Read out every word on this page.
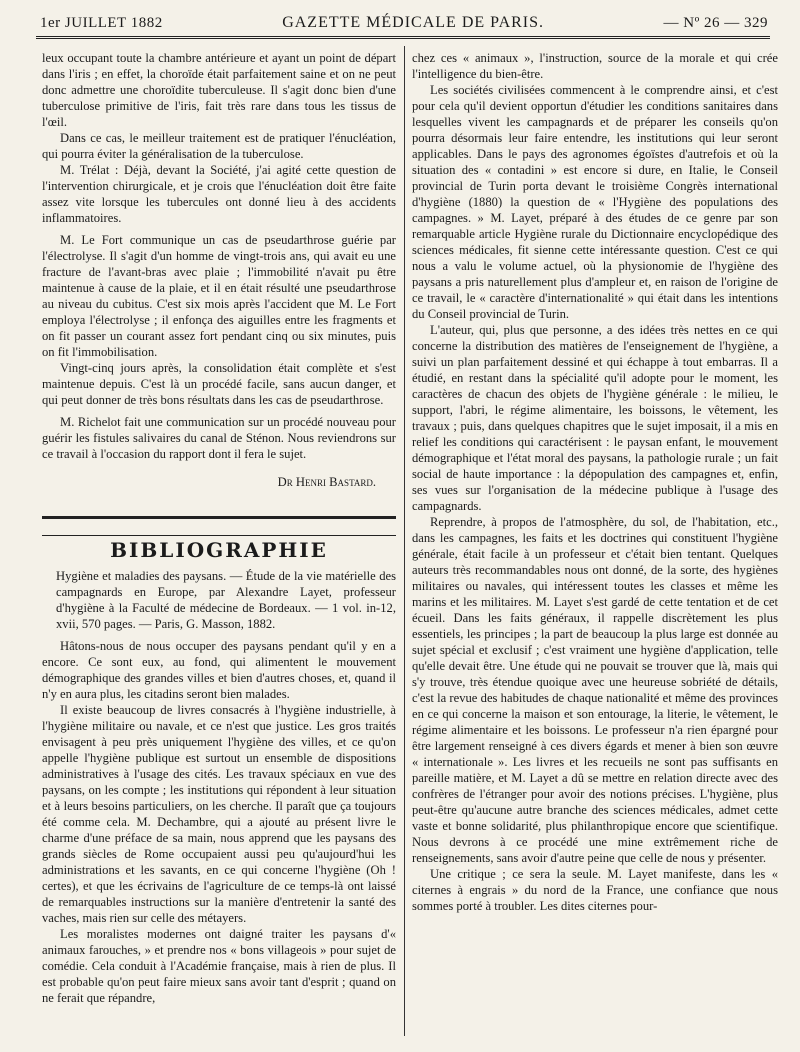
1er JUILLET 1882	GAZETTE MÉDICALE DE PARIS.	— Nº 26 — 329

leux occupant toute la chambre antérieure et ayant un point de départ dans l'iris ; en effet, la choroïde était parfaitement saine et on ne peut donc admettre une choroïdite tuberculeuse. Il s'agit donc bien d'une tuberculose primitive de l'iris, fait très rare dans tous les tissus de l'œil.

Dans ce cas, le meilleur traitement est de pratiquer l'énucléation, qui pourra éviter la généralisation de la tuberculose.

M. Trélat : Déjà, devant la Société, j'ai agité cette question de l'intervention chirurgicale, et je crois que l'énucléation doit être faite assez vite lorsque les tubercules ont donné lieu à des accidents inflammatoires.

M. Le Fort communique un cas de pseudarthrose guérie par l'électrolyse. Il s'agit d'un homme de vingt-trois ans, qui avait eu une fracture de l'avant-bras avec plaie ; l'immobilité n'avait pu être maintenue à cause de la plaie, et il en était résulté une pseudarthrose au niveau du cubitus. C'est six mois après l'accident que M. Le Fort employa l'électrolyse ; il enfonça des aiguilles entre les fragments et on fit passer un courant assez fort pendant cinq ou six minutes, puis on fit l'immobilisation.

Vingt-cinq jours après, la consolidation était complète et s'est maintenue depuis. C'est là un procédé facile, sans aucun danger, et qui peut donner de très bons résultats dans les cas de pseudarthrose.

M. Richelot fait une communication sur un procédé nouveau pour guérir les fistules salivaires du canal de Sténon. Nous reviendrons sur ce travail à l'occasion du rapport dont il fera le sujet.

Dr Henri Bastard.
BIBLIOGRAPHIE

Hygiène et maladies des paysans. — Étude de la vie matérielle des campagnards en Europe, par Alexandre Layet, professeur d'hygiène à la Faculté de médecine de Bordeaux. — 1 vol. in-12, xvii, 570 pages. — Paris, G. Masson, 1882.

Hâtons-nous de nous occuper des paysans pendant qu'il y en a encore. Ce sont eux, au fond, qui alimentent le mouvement démographique des grandes villes et bien d'autres choses, et, quand il n'y en aura plus, les citadins seront bien malades.

Il existe beaucoup de livres consacrés à l'hygiène industrielle, à l'hygiène militaire ou navale, et ce n'est que justice. Les gros traités envisagent à peu près uniquement l'hygiène des villes, et ce qu'on appelle l'hygiène publique est surtout un ensemble de dispositions administratives à l'usage des cités. Les travaux spéciaux en vue des paysans, on les compte ; les institutions qui répondent à leur situation et à leurs besoins particuliers, on les cherche. Il paraît que ça toujours été comme cela. M. Dechambre, qui a ajouté au présent livre le charme d'une préface de sa main, nous apprend que les paysans des grands siècles de Rome occupaient aussi peu qu'aujourd'hui les administrations et les savants, en ce qui concerne l'hygiène (Oh ! certes), et que les écrivains de l'agriculture de ce temps-là ont laissé de remarquables instructions sur la manière d'entretenir la santé des vaches, mais rien sur celle des métayers.

Les moralistes modernes ont daigné traiter les paysans d'« animaux farouches, » et prendre nos « bons villageois » pour sujet de comédie. Cela conduit à l'Académie française, mais à rien de plus. Il est probable qu'on peut faire mieux sans avoir tant d'esprit ; quand on ne ferait que répandre,

chez ces « animaux », l'instruction, source de la morale et qui crée l'intelligence du bien-être.

Les sociétés civilisées commencent à le comprendre ainsi, et c'est pour cela qu'il devient opportun d'étudier les conditions sanitaires dans lesquelles vivent les campagnards et de préparer les conseils qu'on pourra désormais leur faire entendre, les institutions qui leur seront applicables. Dans le pays des agronomes égoïstes d'autrefois et où la situation des « contadini » est encore si dure, en Italie, le Conseil provincial de Turin porta devant le troisième Congrès international d'hygiène (1880) la question de « l'Hygiène des populations des campagnes. » M. Layet, préparé à des études de ce genre par son remarquable article Hygiène rurale du Dictionnaire encyclopédique des sciences médicales, fit sienne cette intéressante question. C'est ce qui nous a valu le volume actuel, où la physionomie de l'hygiène des paysans a pris naturellement plus d'ampleur et, en raison de l'origine de ce travail, le « caractère d'internationalité » qui était dans les intentions du Conseil provincial de Turin.

L'auteur, qui, plus que personne, a des idées très nettes en ce qui concerne la distribution des matières de l'enseignement de l'hygiène, a suivi un plan parfaitement dessiné et qui échappe à tout embarras. Il a étudié, en restant dans la spécialité qu'il adopte pour le moment, les caractères de chacun des objets de l'hygiène générale : le milieu, le support, l'abri, le régime alimentaire, les boissons, le vêtement, les travaux ; puis, dans quelques chapitres que le sujet imposait, il a mis en relief les conditions qui caractérisent : le paysan enfant, le mouvement démographique et l'état moral des paysans, la pathologie rurale ; un fait social de haute importance : la dépopulation des campagnes et, enfin, ses vues sur l'organisation de la médecine publique à l'usage des campagnards.

Reprendre, à propos de l'atmosphère, du sol, de l'habitation, etc., dans les campagnes, les faits et les doctrines qui constituent l'hygiène générale, était facile à un professeur et c'était bien tentant. Quelques auteurs très recommandables nous ont donné, de la sorte, des hygiènes militaires ou navales, qui intéressent toutes les classes et même les marins et les militaires. M. Layet s'est gardé de cette tentation et de cet écueil. Dans les faits généraux, il rappelle discrètement les plus essentiels, les principes ; la part de beaucoup la plus large est donnée au sujet spécial et exclusif ; c'est vraiment une hygiène d'application, telle qu'elle devait être. Une étude qui ne pouvait se trouver que là, mais qui s'y trouve, très étendue quoique avec une heureuse sobriété de détails, c'est la revue des habitudes de chaque nationalité et même des provinces en ce qui concerne la maison et son entourage, la literie, le vêtement, le régime alimentaire et les boissons. Le professeur n'a rien épargné pour être largement renseigné à ces divers égards et mener à bien son œuvre « internationale ». Les livres et les recueils ne sont pas suffisants en pareille matière, et M. Layet a dû se mettre en relation directe avec des confrères de l'étranger pour avoir des notions précises. L'hygiène, plus peut-être qu'aucune autre branche des sciences médicales, admet cette vaste et bonne solidarité, plus philanthropique encore que scientifique. Nous devrons à ce procédé une mine extrêmement riche de renseignements, sans avoir d'autre peine que celle de nous y présenter.

Une critique ; ce sera la seule. M. Layet manifeste, dans les « citernes à engrais » du nord de la France, une confiance que nous sommes porté à troubler. Les dites citernes pour-
